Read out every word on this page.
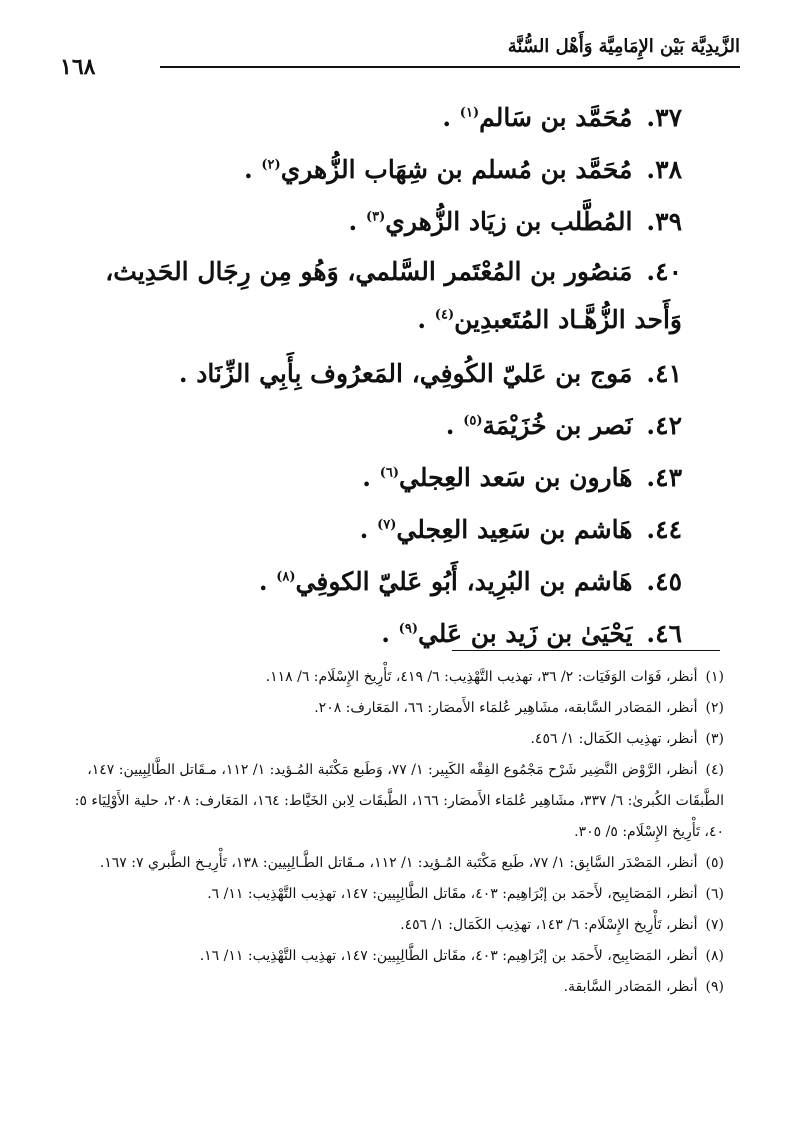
الزَّيدِيَّة بَيْن الإِمَامِيَّة وَأَهْل السُّنَّة
١٦٨
٣٧.مُحَمَّد بن سَالم$^{(١)}$ .
٣٨.مُحَمَّد بن مُسلم بن شِهَاب الزُّهري$^{(٢)}$ .
٣٩.المُطَّلب بن زيَاد الزُّهري$^{(٣)}$ .
٤٠.مَنصُور بن المُعْتَمر السَّلمي، وَهُو مِن رِجَال الحَدِيث، وَأَحد الزُّهَّـاد المُتَعبدِين$^{(٤)}$ .
٤١.مَوج بن عَليّ الكُوفِي، المَعرُوف بِأَبِي الزِّنَاد .
٤٢.نَصر بن خُزَيْمَة$^{(٥)}$ .
٤٣.هَارون بن سَعد العِجلي$^{(٦)}$ .
٤٤.هَاشم بن سَعِيد العِجلي$^{(٧)}$ .
٤٥.هَاشم بن البُرِيد، أَبُو عَليّ الكوفِي$^{(٨)}$ .
٤٦.يَحْيَىٰ بن زَيد بن عَلي$^{(٩)}$ .
(١)أنظر، فَوَات الوَفَيَات: ٢/ ٣٦، تهذيب التَّهْذِيب: ٦/ ٤١٩، تَأْرِيخ الإِسْلَام: ٦/ ١١٨.
(٢)أنظر، المَصَادر السَّابقه، مشَاهِير عُلمَاء الأَمصَار: ٦٦، المَعَارف: ٢٠٨.
(٣)أنظر، تهذِيب الكَمَال: ١/ ٤٥٦.
(٤)أنظر، الرَّوْض النَّضِير شَرْح مَجْمُوع الفِقْه الكَبِير: ١/ ٧٧، وَطَبع مَكْتَبة المُـؤيد: ١/ ١١٢، مـقَاتل الطَّالِبِيين: ١٤٧، الطَّبقَات الكُبرىٰ: ٦/ ٣٣٧، مشَاهِير عُلمَاء الأَمصَار: ١٦٦، الطَّبقَات لِابن الخَيَّاط: ١٦٤، المَعَارف: ٢٠٨، حلية الأَوْلِيَاء ٥: ٤٠، تَأْرِيخ الإِسْلَام: ٥/ ٣٠٥.
(٥)أنظر، المَصْدَر السَّابِق: ١/ ٧٧، طَبع مَكْتَبة المُـؤيد: ١/ ١١٢، مـقَاتل الطَّـالِبِيين: ١٣٨، تَأْرِيـخ الطَّبري ٧: ١٦٧.
(٦)أنظر، المَصَابِيح، لأَحمَد بن إبْرَاهِيم: ٤٠٣، مقَاتل الطَّالِبِيين: ١٤٧، تهذِيب التَّهْذِيب: ١١/ ٦.
(٧)أنظر، تَأْرِيخ الإِسْلَام: ٦/ ١٤٣، تهذِيب الكَمَال: ١/ ٤٥٦.
(٨)أنظر، المَصَابِيح، لأَحمَد بن إبْرَاهِيم: ٤٠٣، مقَاتل الطَّالِبِيين: ١٤٧، تهذِيب التَّهْذِيب: ١١/ ١٦.
(٩)أنظر، المَصَادر السَّابقة.
